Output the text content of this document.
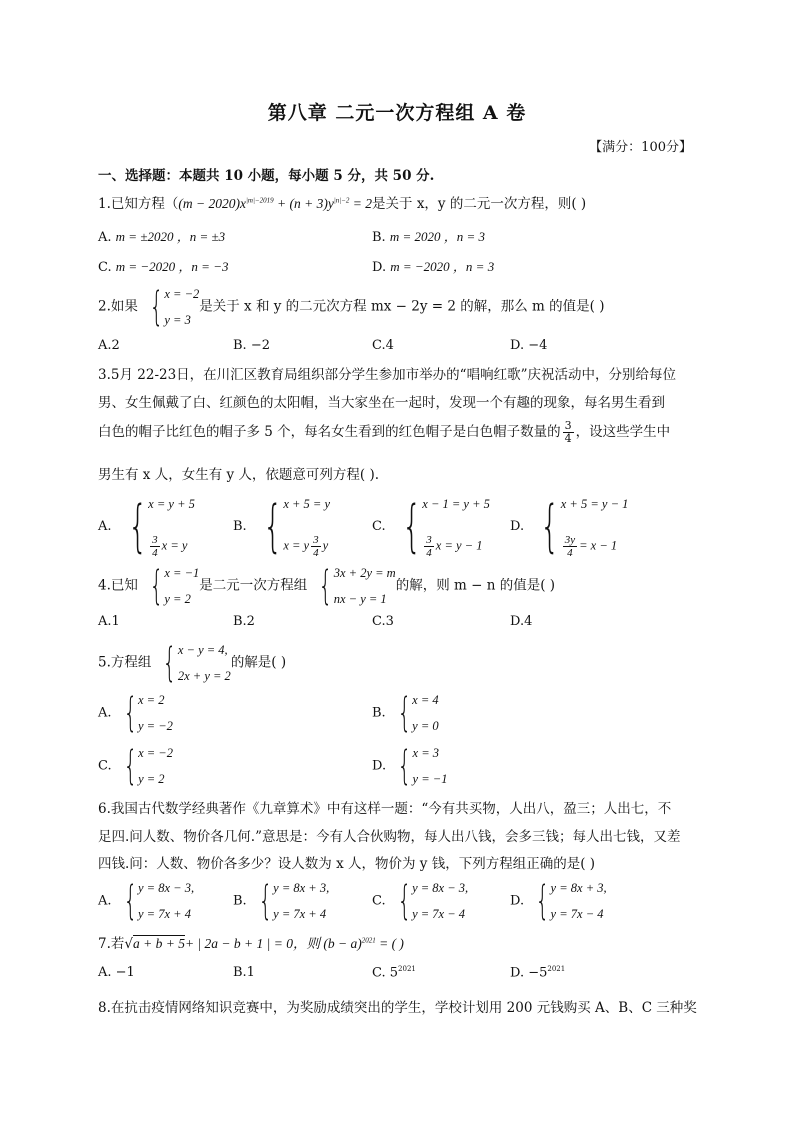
第八章 二元一次方程组 A 卷
【满分：100分】
一、选择题：本题共 10 小题，每小题 5 分，共 50 分.
1.已知方程（$(m - 2020)x^{|m|-2019} + (n + 3)y^{|n|-2} = 2$是关于 x，y 的二元一次方程，则( )
A. m = ±2020 ，n = ±3	B. m = 2020 ，n = 3
C. m = −2020 ，n = −3	D. m = −2020 ，n = 3
2.如果 { x = −2
y = 3
是关于 x 和 y 的二元次方程 mx − 2y = 2 的解，那么 m 的值是( )
A.2	B. −2	C.4	D. −4
3.5月 22-23日，在川汇区教育局组织部分学生参加市举办的“唱响红歌”庆祝活动中，分别给每位
男、女生佩戴了白、红颜色的太阳帽，当大家坐在一起时，发现一个有趣的现象，每名男生看到
白色的帽子比红色的帽子多 5 个，每名女生看到的红色帽子是白色帽子数量的 $\frac{3}{4}$ ，设这些学生中
男生有 x 人，女生有 y 人，依题意可列方程( ).
A. { x = y + 5
$\frac{3}{4}$ x = y
B. { x + 5 = y
x = y $\frac{3}{4}$ y
C. { x − 1 = y + 5
$\frac{3}{4}$ x = y − 1
D. { x + 5 = y − 1
$\frac{3y}{4} = x - 1$
4.已知 { x = −1
y = 2
是二元一次方程组 { 3x + 2y = m
nx − y = 1
的解，则 m − n 的值是( )
A.1	B.2	C.3	D.4
5.方程组 { x − y = 4,
2x + y = 2
的解是( )
A. { x = 2
y = −2
B. { x = 4
y = 0
C. { x = −2
y = 2
D. { x = 3
y = −1
6.我国古代数学经典著作《九章算术》中有这样一题：“今有共买物，人出八，盈三；人出七，不
足四.问人数、物价各几何.”意思是：今有人合伙购物，每人出八钱，会多三钱；每人出七钱，又差
四钱.问：人数、物价各多少？设人数为 x 人，物价为 y 钱，下列方程组正确的是( )
A. { y = 8x − 3,
y = 7x + 4
B. { y = 8x + 3,
y = 7x + 4
C. { y = 8x − 3,
y = 7x − 4
D. { y = 8x + 3,
y = 7x − 4
7.若√a + b + 5+ | 2a − b + 1 | = 0，则 $(b - a)^{2021}$ = ( )
A. −1	B.1	C. $5^{2021}$	D. $-5^{2021}$
8.在抗击疫情网络知识竞赛中，为奖励成绩突出的学生，学校计划用 200 元钱购买 A、B、C 三种奖
